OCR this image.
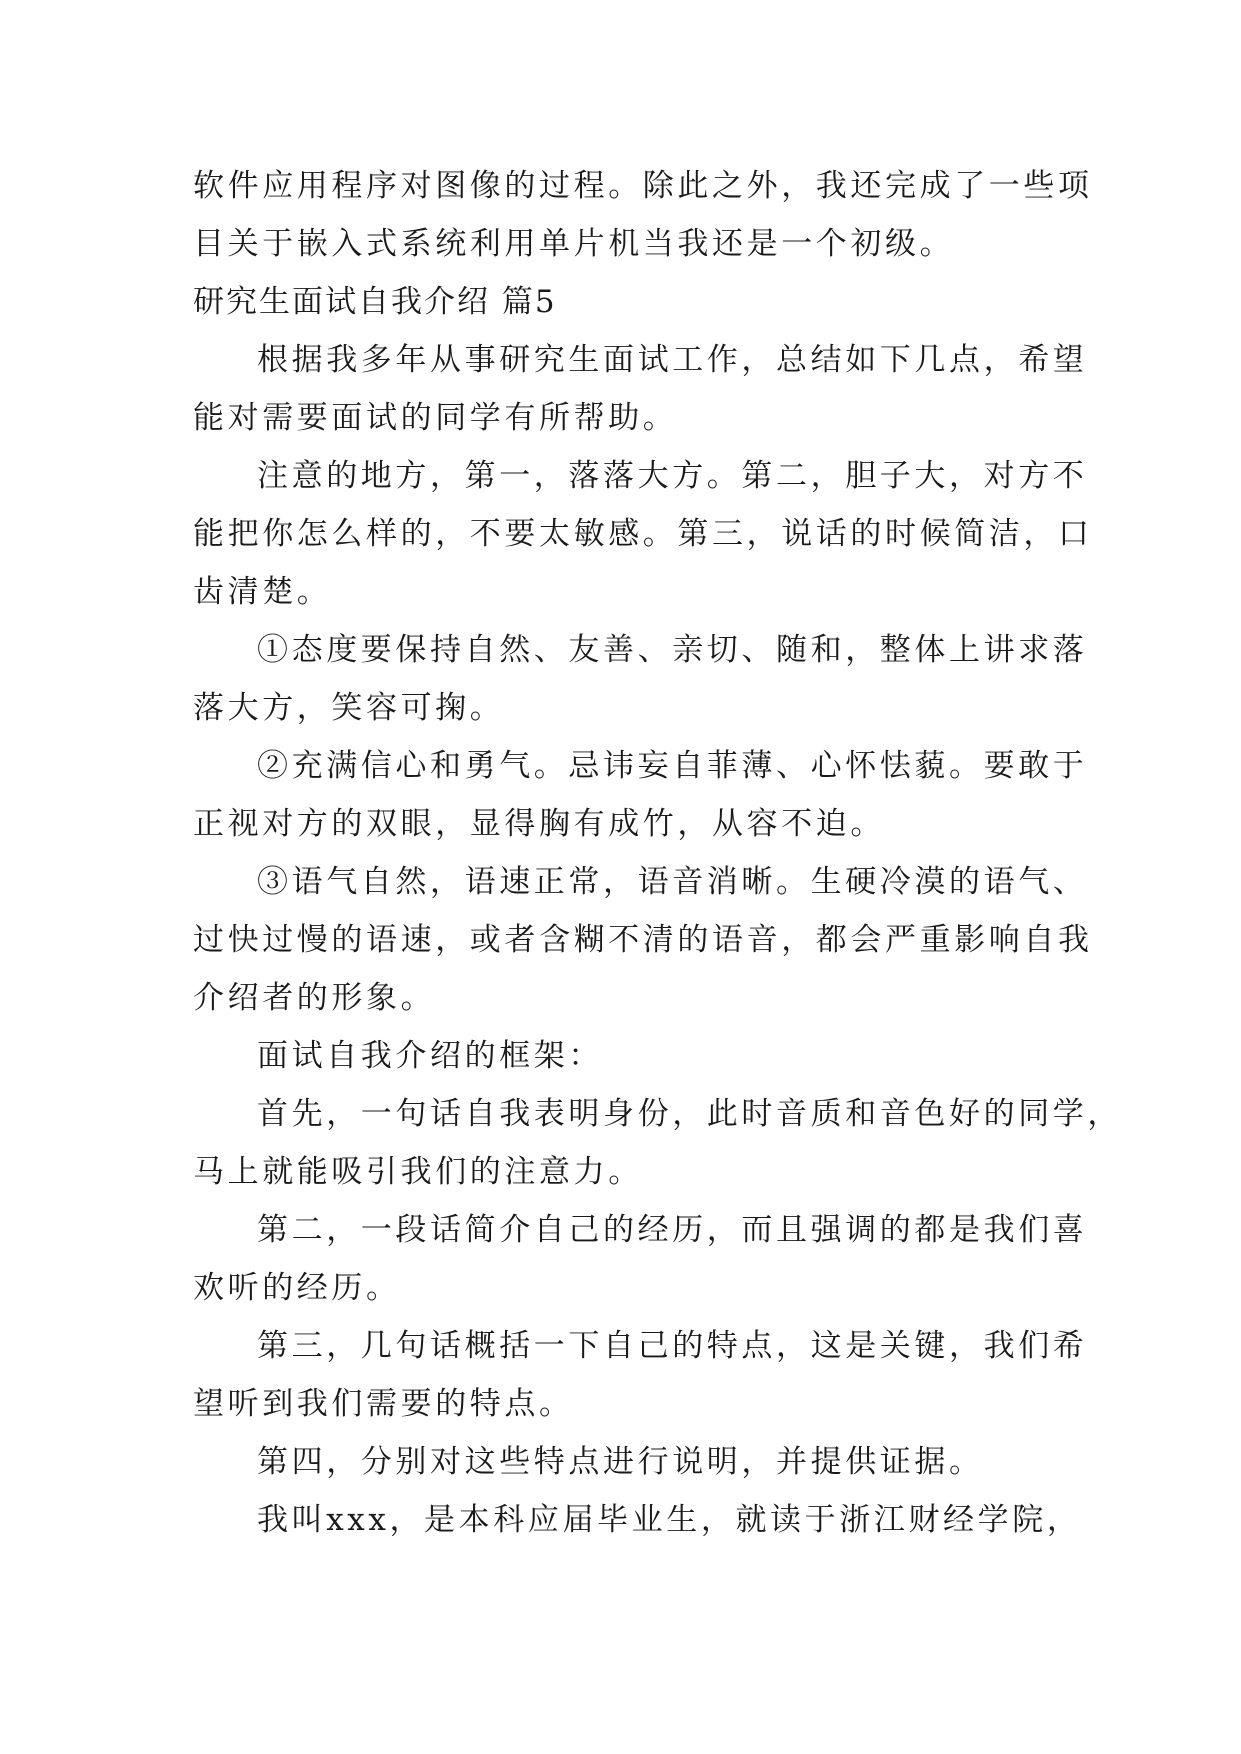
软件应用程序对图像的过程。除此之外，我还完成了一些项

目关于嵌入式系统利用单片机当我还是一个初级。

研究生面试自我介绍 篇5

根据我多年从事研究生面试工作，总结如下几点，希望

能对需要面试的同学有所帮助。

注意的地方，第一，落落大方。第二，胆子大，对方不

能把你怎么样的，不要太敏感。第三，说话的时候简洁，口

齿清楚。

①态度要保持自然、友善、亲切、随和，整体上讲求落

落大方，笑容可掬。

②充满信心和勇气。忌讳妄自菲薄、心怀怯藐。要敢于

正视对方的双眼，显得胸有成竹，从容不迫。

③语气自然，语速正常，语音消晰。生硬冷漠的语气、

过快过慢的语速，或者含糊不清的语音，都会严重影响自我

介绍者的形象。

面试自我介绍的框架：

首先，一句话自我表明身份，此时音质和音色好的同学，

马上就能吸引我们的注意力。

第二，一段话简介自己的经历，而且强调的都是我们喜

欢听的经历。

第三，几句话概括一下自己的特点，这是关键，我们希

望听到我们需要的特点。

第四，分别对这些特点进行说明，并提供证据。

我叫xxx，是本科应届毕业生，就读于浙江财经学院，
